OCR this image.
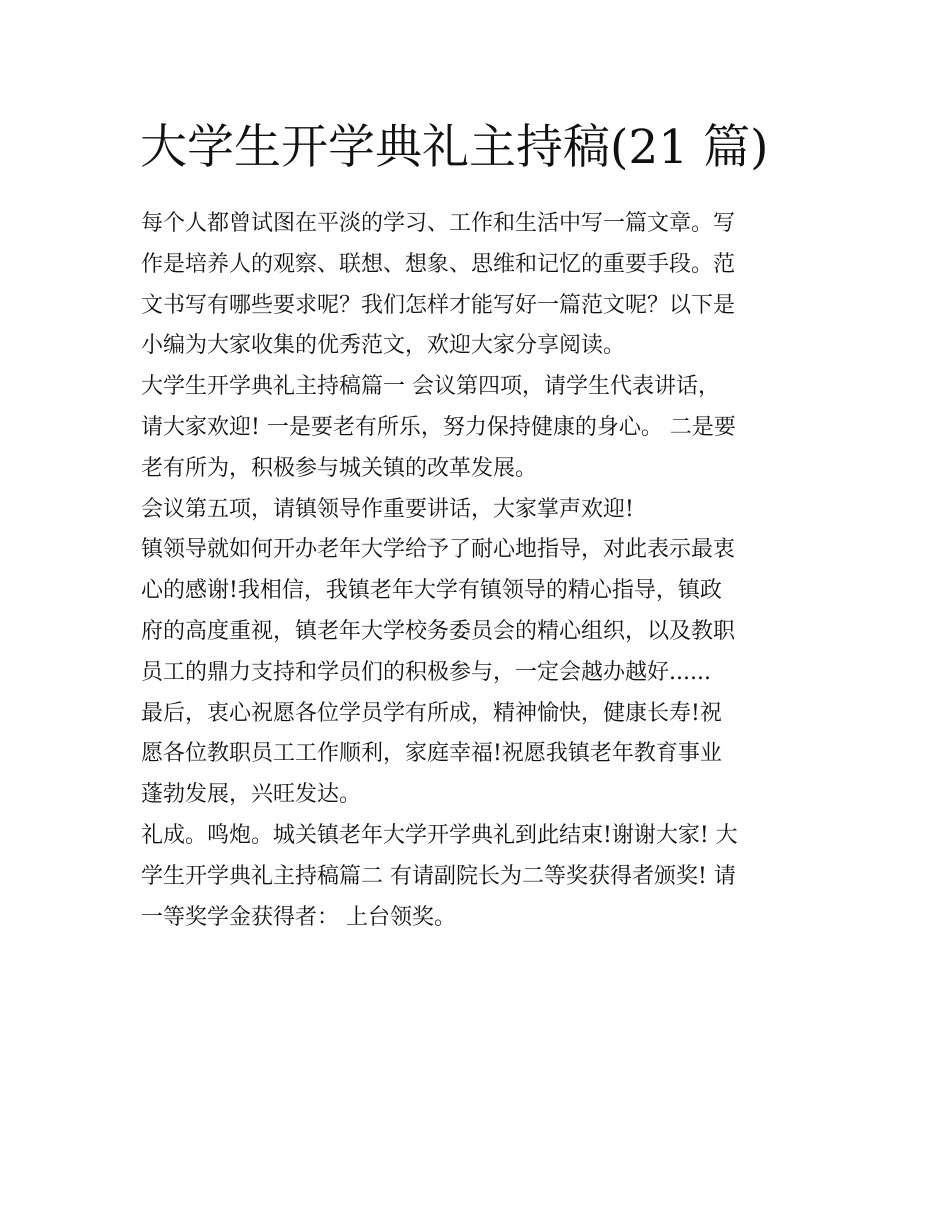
大学生开学典礼主持稿(21 篇)
每个人都曾试图在平淡的学习、工作和生活中写一篇文章。写
作是培养人的观察、联想、想象、思维和记忆的重要手段。范
文书写有哪些要求呢？我们怎样才能写好一篇范文呢？以下是
小编为大家收集的优秀范文，欢迎大家分享阅读。
大学生开学典礼主持稿篇一 会议第四项，请学生代表讲话，
请大家欢迎! 一是要老有所乐，努力保持健康的身心。 二是要
老有所为，积极参与城关镇的改革发展。
会议第五项，请镇领导作重要讲话，大家掌声欢迎!
镇领导就如何开办老年大学给予了耐心地指导，对此表示最衷
心的感谢!我相信，我镇老年大学有镇领导的精心指导，镇政
府的高度重视，镇老年大学校务委员会的精心组织，以及教职
员工的鼎力支持和学员们的积极参与，一定会越办越好......
最后，衷心祝愿各位学员学有所成，精神愉快，健康长寿!祝
愿各位教职员工工作顺利，家庭幸福!祝愿我镇老年教育事业
蓬勃发展，兴旺发达。
礼成。鸣炮。城关镇老年大学开学典礼到此结束!谢谢大家! 大
学生开学典礼主持稿篇二 有请副院长为二等奖获得者颁奖! 请
一等奖学金获得者： 上台领奖。
